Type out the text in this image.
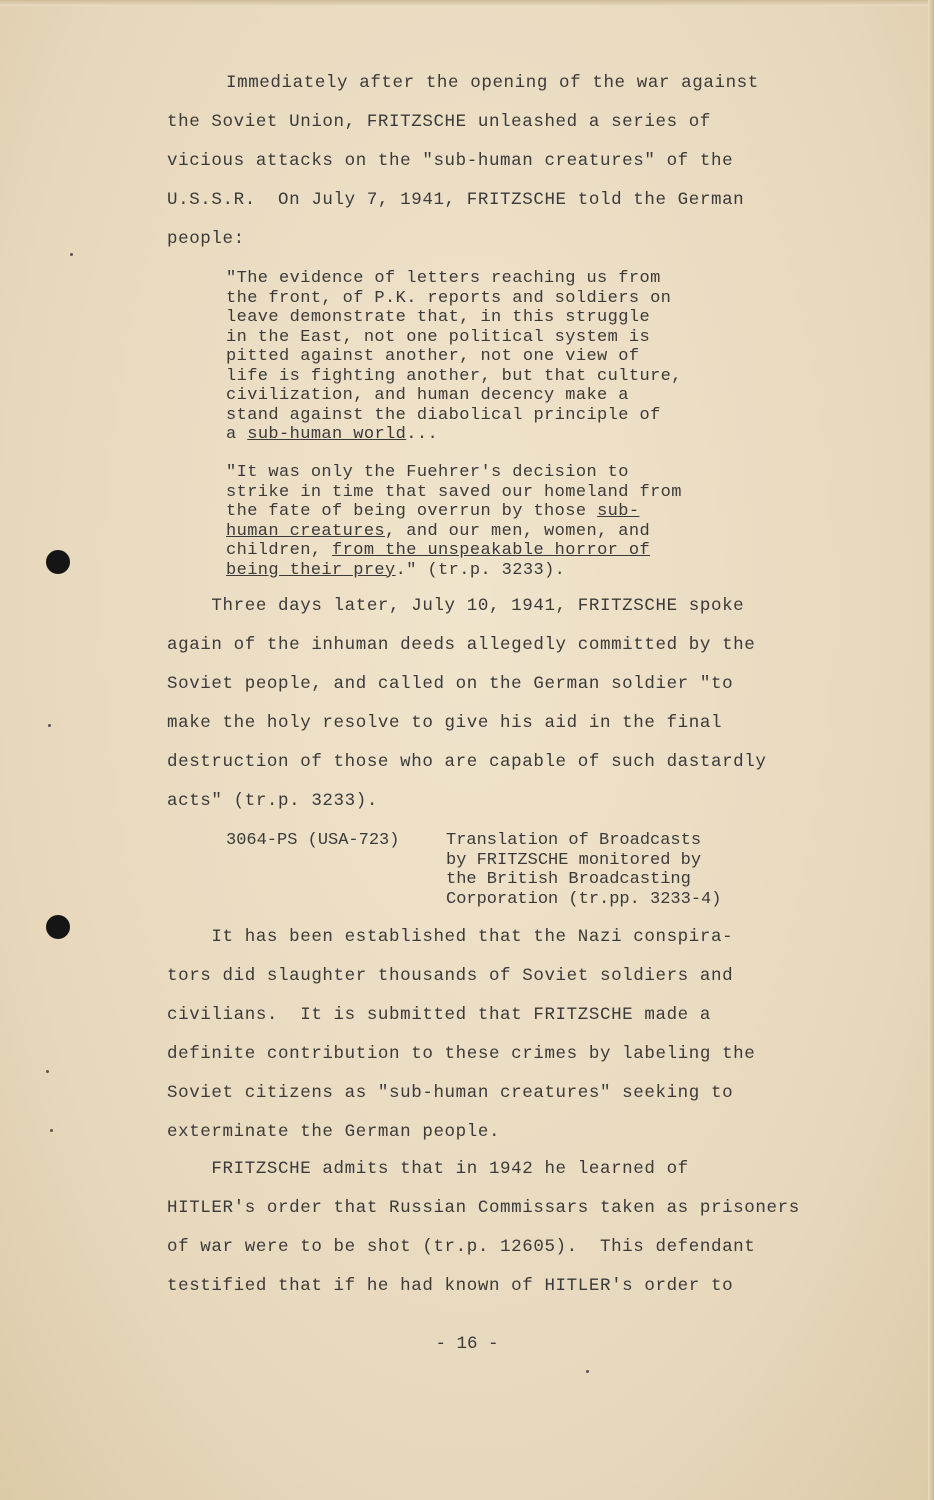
Immediately after the opening of the war against
the Soviet Union, FRITZSCHE unleashed a series of
vicious attacks on the "sub-human creatures" of the
U.S.S.R.  On July 7, 1941, FRITZSCHE told the German
people:
"The evidence of letters reaching us from
the front, of P.K. reports and soldiers on
leave demonstrate that, in this struggle
in the East, not one political system is
pitted against another, not one view of
life is fighting another, but that culture,
civilization, and human decency make a
stand against the diabolical principle of
a sub-human world...
"It was only the Fuehrer's decision to
strike in time that saved our homeland from
the fate of being overrun by those sub-
human creatures, and our men, women, and
children, from the unspeakable horror of
being their prey." (tr.p. 3233).
Three days later, July 10, 1941, FRITZSCHE spoke
again of the inhuman deeds allegedly committed by the
Soviet people, and called on the German soldier "to
make the holy resolve to give his aid in the final
destruction of those who are capable of such dastardly
acts" (tr.p. 3233).
3064-PS (USA-723)	Translation of Broadcasts
by FRITZSCHE monitored by
the British Broadcasting
Corporation (tr.pp. 3233-4)
It has been established that the Nazi conspira-
tors did slaughter thousands of Soviet soldiers and
civilians.  It is submitted that FRITZSCHE made a
definite contribution to these crimes by labeling the
Soviet citizens as "sub-human creatures" seeking to
exterminate the German people.
FRITZSCHE admits that in 1942 he learned of
HITLER's order that Russian Commissars taken as prisoners
of war were to be shot (tr.p. 12605).  This defendant
testified that if he had known of HITLER's order to
- 16 -
